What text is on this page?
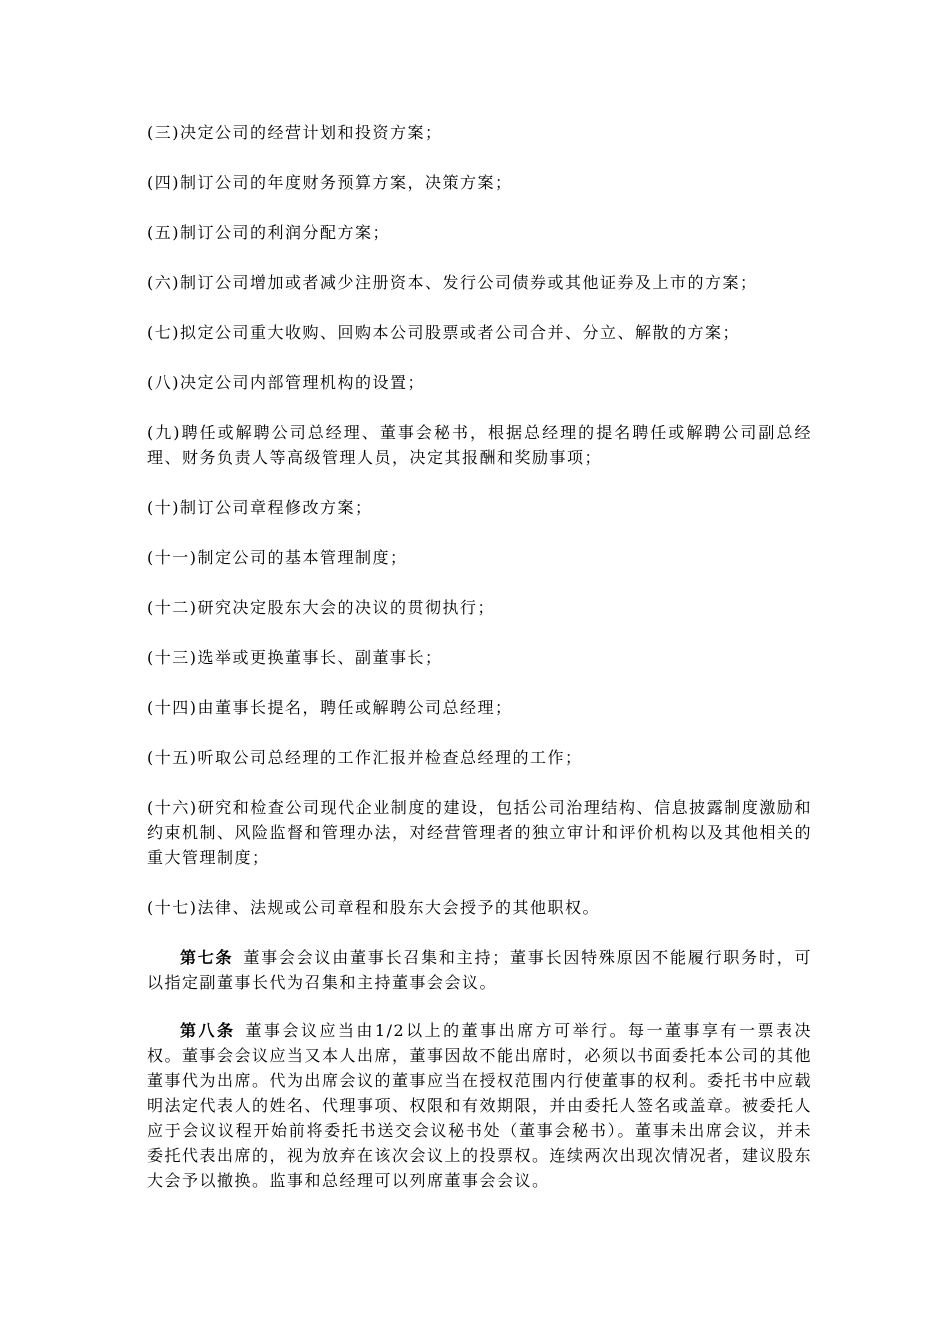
(三)决定公司的经营计划和投资方案；

(四)制订公司的年度财务预算方案，决策方案；

(五)制订公司的利润分配方案；

(六)制订公司增加或者减少注册资本、发行公司债券或其他证券及上市的方案；

(七)拟定公司重大收购、回购本公司股票或者公司合并、分立、解散的方案；

(八)决定公司内部管理机构的设置；

(九)聘任或解聘公司总经理、董事会秘书，根据总经理的提名聘任或解聘公司副总经理、财务负责人等高级管理人员，决定其报酬和奖励事项；

(十)制订公司章程修改方案；

(十一)制定公司的基本管理制度；

(十二)研究决定股东大会的决议的贯彻执行；

(十三)选举或更换董事长、副董事长；

(十四)由董事长提名，聘任或解聘公司总经理；

(十五)听取公司总经理的工作汇报并检查总经理的工作；

(十六)研究和检查公司现代企业制度的建设，包括公司治理结构、信息披露制度激励和约束机制、风险监督和管理办法，对经营管理者的独立审计和评价机构以及其他相关的重大管理制度；

(十七)法律、法规或公司章程和股东大会授予的其他职权。

第七条 董事会会议由董事长召集和主持；董事长因特殊原因不能履行职务时，可以指定副董事长代为召集和主持董事会会议。

第八条 董事会议应当由1/2以上的董事出席方可举行。每一董事享有一票表决权。董事会会议应当又本人出席，董事因故不能出席时，必须以书面委托本公司的其他董事代为出席。代为出席会议的董事应当在授权范围内行使董事的权利。委托书中应载明法定代表人的姓名、代理事项、权限和有效期限，并由委托人签名或盖章。被委托人应于会议议程开始前将委托书送交会议秘书处（董事会秘书）。董事未出席会议，并未委托代表出席的，视为放弃在该次会议上的投票权。连续两次出现次情况者，建议股东大会予以撤换。监事和总经理可以列席董事会会议。
